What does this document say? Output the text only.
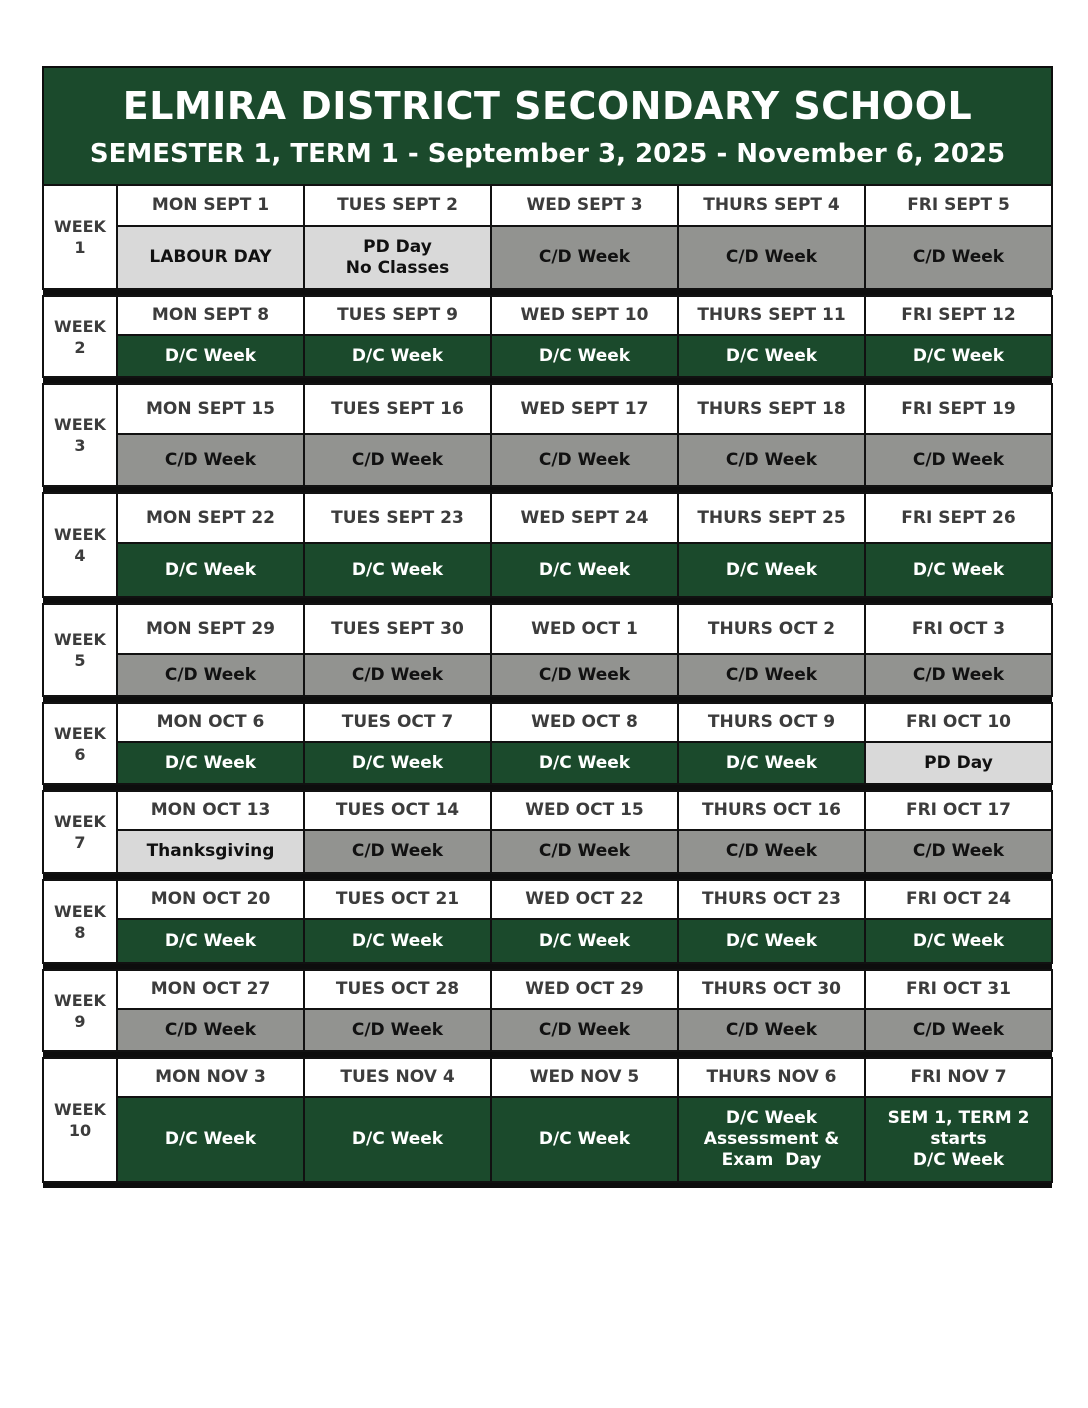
ELMIRA DISTRICT SECONDARY SCHOOL
SEMESTER 1, TERM 1 - September 3, 2025 - November 6, 2025
WEEK
1	MON SEPT 1	TUES SEPT 2	WED SEPT 3	THURS SEPT 4	FRI SEPT 5

	LABOUR DAY	PD Day
No Classes	C/D Week	C/D Week	C/D Week

WEEK
2	MON SEPT 8	TUES SEPT 9	WED SEPT 10	THURS SEPT 11	FRI SEPT 12

	D/C Week	D/C Week	D/C Week	D/C Week	D/C Week

WEEK
3	MON SEPT 15	TUES SEPT 16	WED SEPT 17	THURS SEPT 18	FRI SEPT 19

	C/D Week	C/D Week	C/D Week	C/D Week	C/D Week

WEEK
4	MON SEPT 22	TUES SEPT 23	WED SEPT 24	THURS SEPT 25	FRI SEPT 26

	D/C Week	D/C Week	D/C Week	D/C Week	D/C Week

WEEK
5	MON SEPT 29	TUES SEPT 30	WED OCT 1	THURS OCT 2	FRI OCT 3

	C/D Week	C/D Week	C/D Week	C/D Week	C/D Week

WEEK
6	MON OCT 6	TUES OCT 7	WED OCT 8	THURS OCT 9	FRI OCT 10

	D/C Week	D/C Week	D/C Week	D/C Week	PD Day

WEEK
7	MON OCT 13	TUES OCT 14	WED OCT 15	THURS OCT 16	FRI OCT 17

	Thanksgiving	C/D Week	C/D Week	C/D Week	C/D Week

WEEK
8	MON OCT 20	TUES OCT 21	WED OCT 22	THURS OCT 23	FRI OCT 24

	D/C Week	D/C Week	D/C Week	D/C Week	D/C Week

WEEK
9	MON OCT 27	TUES OCT 28	WED OCT 29	THURS OCT 30	FRI OCT 31

	C/D Week	C/D Week	C/D Week	C/D Week	C/D Week

WEEK
10	MON NOV 3	TUES NOV 4	WED NOV 5	THURS NOV 6	FRI NOV 7

	D/C Week	D/C Week	D/C Week	D/C Week
Assessment &
Exam  Day	SEM 1, TERM 2
starts
D/C Week
